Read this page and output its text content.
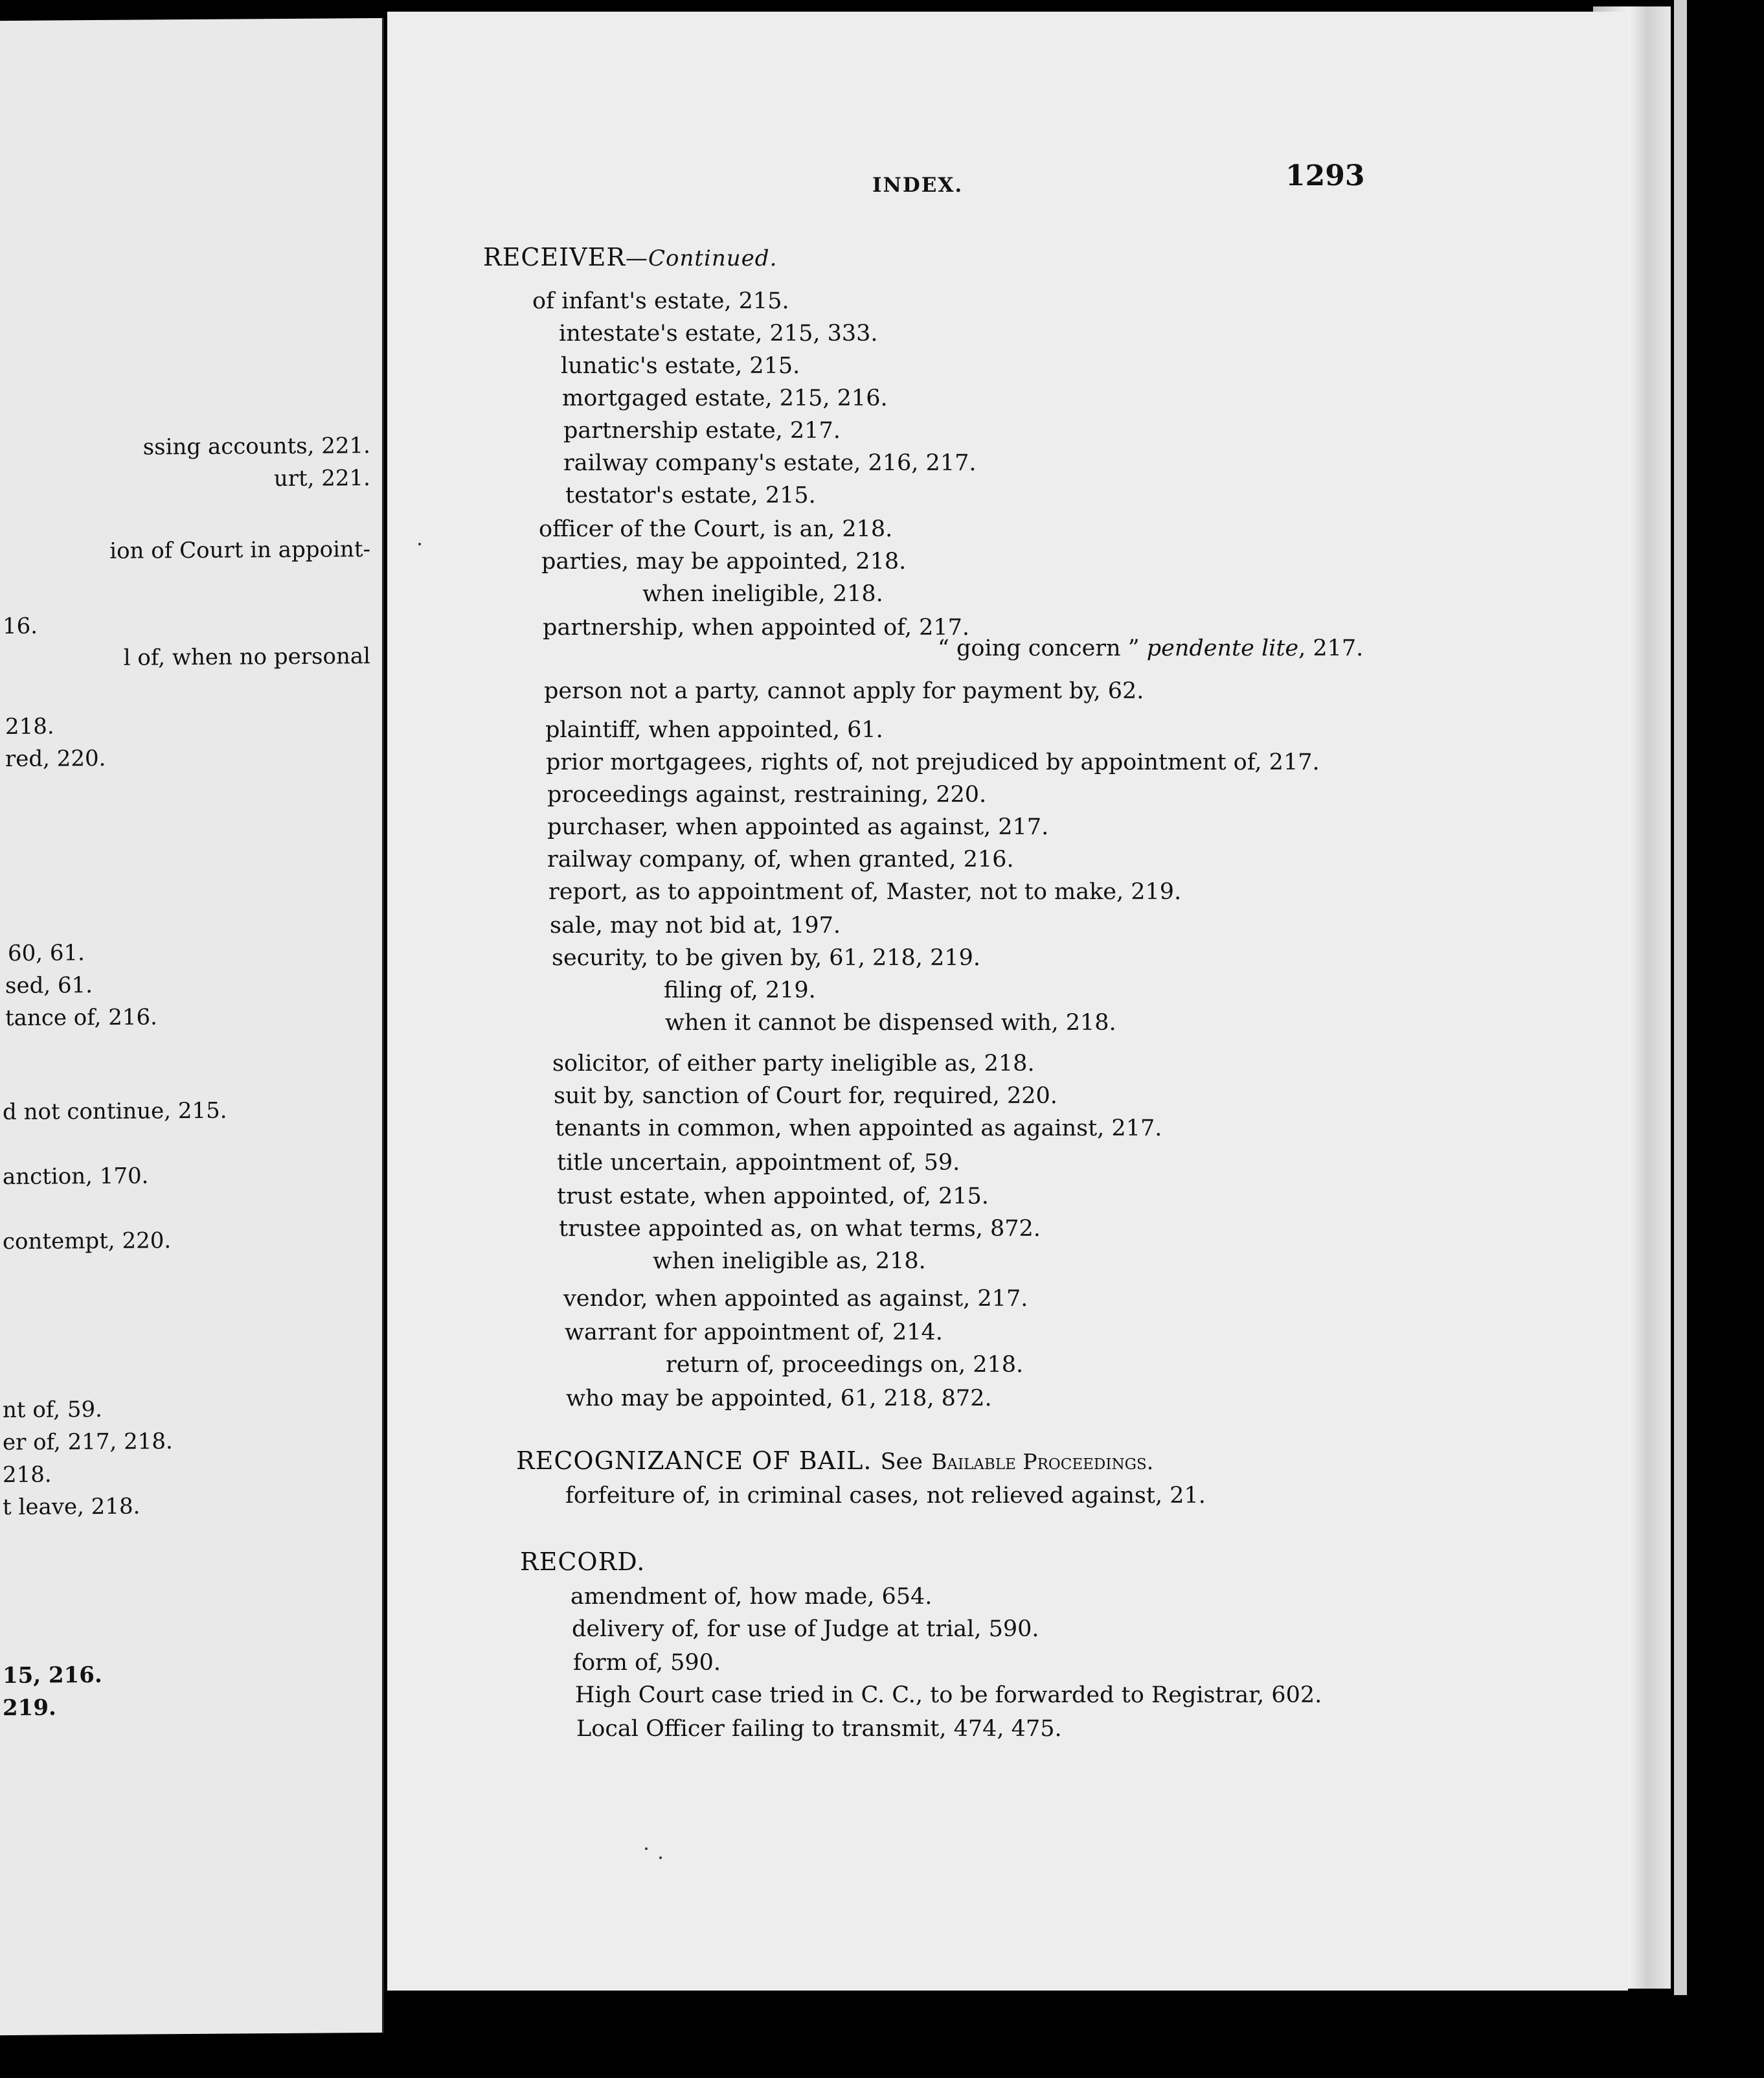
ssing accounts, 221.
urt, 221.
ion of Court in appoint-
16.
l of, when no personal
218.
red, 220.
60, 61.
sed, 61.
tance of, 216.
d not continue, 215.
anction, 170.
contempt, 220.
nt of, 59.
er of, 217, 218.
218.
t leave, 218.
15, 216.
219.
INDEX.	1293
RECEIVER—Continued.
of infant's estate, 215.
intestate's estate, 215, 333.
lunatic's estate, 215.
mortgaged estate, 215, 216.
partnership estate, 217.
railway company's estate, 216, 217.
testator's estate, 215.
officer of the Court, is an, 218.
parties, may be appointed, 218.
when ineligible, 218.
partnership, when appointed of, 217.
“ going concern ” pendente lite, 217.
person not a party, cannot apply for payment by, 62.
plaintiff, when appointed, 61.
prior mortgagees, rights of, not prejudiced by appointment of, 217.
proceedings against, restraining, 220.
purchaser, when appointed as against, 217.
railway company, of, when granted, 216.
report, as to appointment of, Master, not to make, 219.
sale, may not bid at, 197.
security, to be given by, 61, 218, 219.
filing of, 219.
when it cannot be dispensed with, 218.
solicitor, of either party ineligible as, 218.
suit by, sanction of Court for, required, 220.
tenants in common, when appointed as against, 217.
title uncertain, appointment of, 59.
trust estate, when appointed, of, 215.
trustee appointed as, on what terms, 872.
when ineligible as, 218.
vendor, when appointed as against, 217.
warrant for appointment of, 214.
return of, proceedings on, 218.
who may be appointed, 61, 218, 872.
RECOGNIZANCE OF BAIL. See Bailable Proceedings.
forfeiture of, in criminal cases, not relieved against, 21.
RECORD.
amendment of, how made, 654.
delivery of, for use of Judge at trial, 590.
form of, 590.
High Court case tried in C. C., to be forwarded to Registrar, 602.
Local Officer failing to transmit, 474, 475.
